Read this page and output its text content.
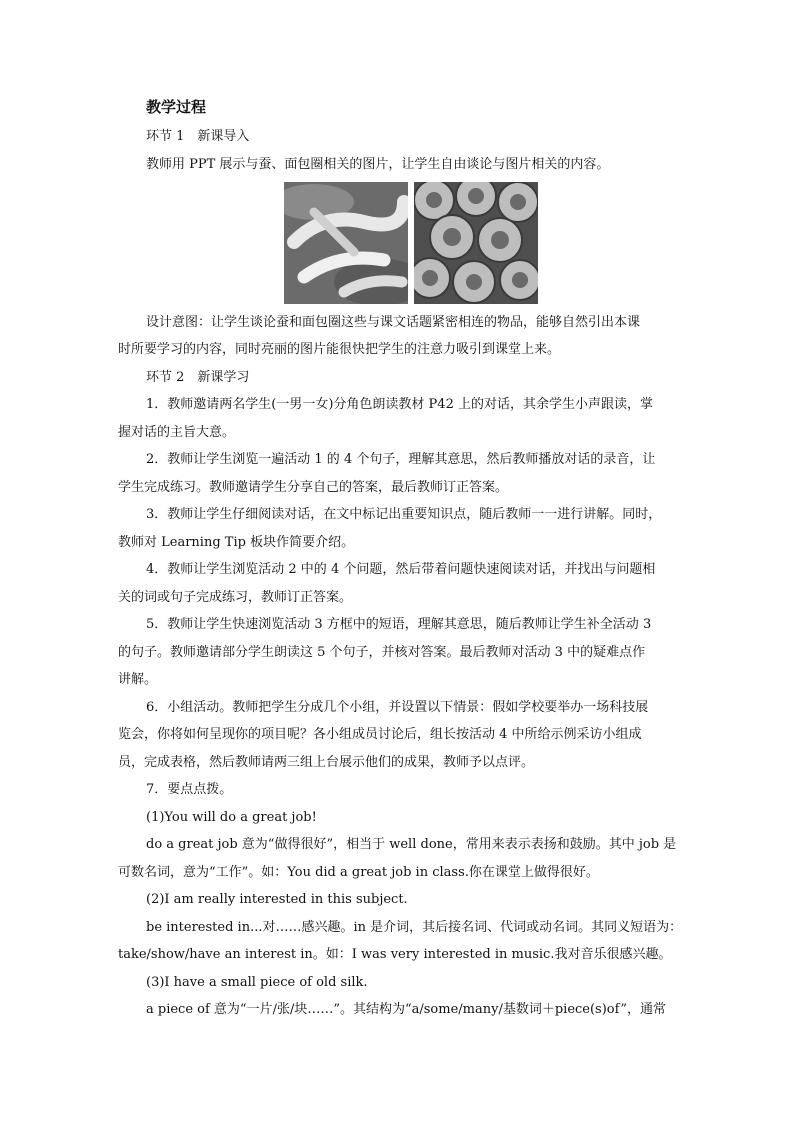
教学过程
环节 1　新课导入
教师用 PPT 展示与蚕、面包圈相关的图片，让学生自由谈论与图片相关的内容。
设计意图：让学生谈论蚕和面包圈这些与课文话题紧密相连的物品，能够自然引出本课
时所要学习的内容，同时亮丽的图片能很快把学生的注意力吸引到课堂上来。
环节 2　新课学习
1．教师邀请两名学生(一男一女)分角色朗读教材 P42 上的对话，其余学生小声跟读，掌
握对话的主旨大意。
2．教师让学生浏览一遍活动 1 的 4 个句子，理解其意思，然后教师播放对话的录音，让
学生完成练习。教师邀请学生分享自己的答案，最后教师订正答案。
3．教师让学生仔细阅读对话，在文中标记出重要知识点，随后教师一一进行讲解。同时，
教师对 Learning Tip 板块作简要介绍。
4．教师让学生浏览活动 2 中的 4 个问题，然后带着问题快速阅读对话，并找出与问题相
关的词或句子完成练习，教师订正答案。
5．教师让学生快速浏览活动 3 方框中的短语，理解其意思，随后教师让学生补全活动 3
的句子。教师邀请部分学生朗读这 5 个句子，并核对答案。最后教师对活动 3 中的疑难点作
讲解。
6．小组活动。教师把学生分成几个小组，并设置以下情景：假如学校要举办一场科技展
览会，你将如何呈现你的项目呢？各小组成员讨论后，组长按活动 4 中所给示例采访小组成
员，完成表格，然后教师请两三组上台展示他们的成果，教师予以点评。
7．要点点拨。
(1)You will do a great job!
do a great job 意为“做得很好”，相当于 well done，常用来表示表扬和鼓励。其中 job 是
可数名词，意为“工作”。如：You did a great job in class.你在课堂上做得很好。
(2)I am really interested in this subject.
be interested in...对……感兴趣。in 是介词，其后接名词、代词或动名词。其同义短语为：
take/show/have an interest in。如：I was very interested in music.我对音乐很感兴趣。
(3)I have a small piece of old silk.
a piece of 意为“一片/张/块……”。其结构为“a/some/many/基数词＋piece(s)of”，通常
